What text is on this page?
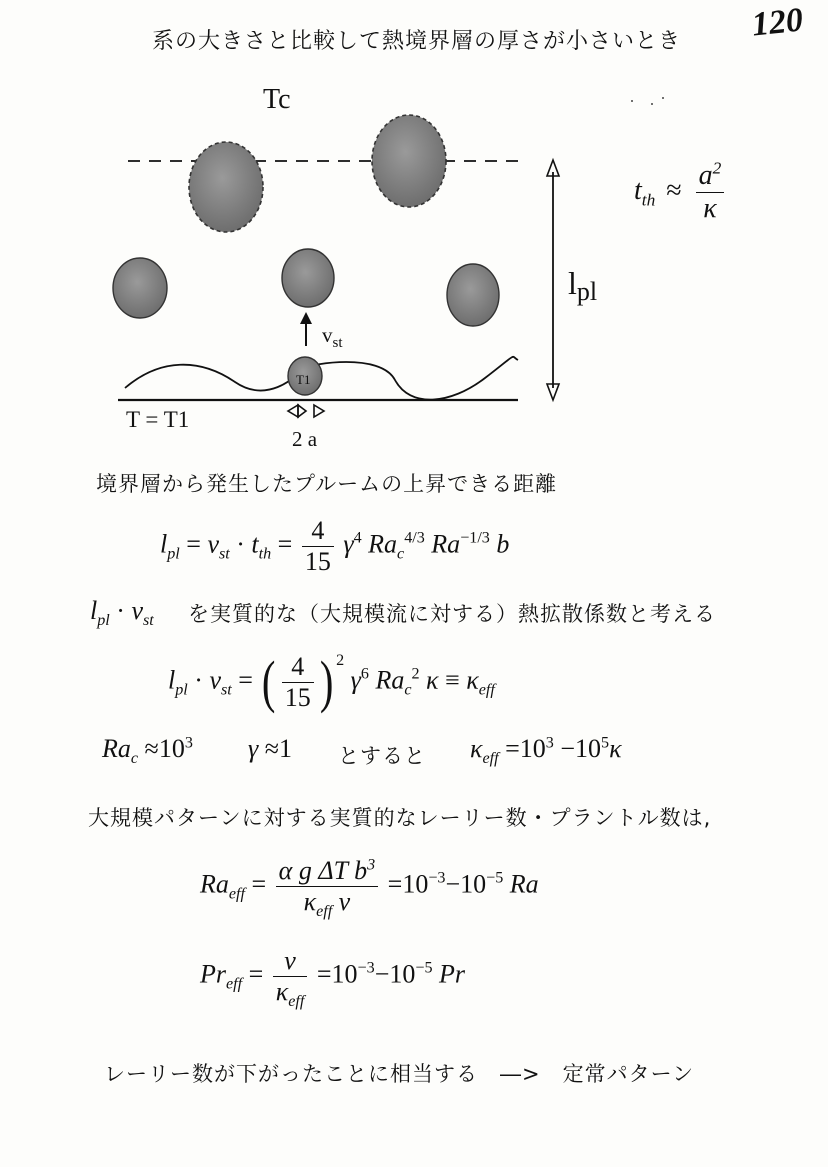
120
系の大きさと比較して熱境界層の厚さが小さいとき
Tc
$v_{st}$
T1
T = T1
2 a
lpl
$t_{th} \approx \frac{a^2}{\kappa}$
境界層から発生したプルームの上昇できる距離
$l_{pl} = v_{st} \cdot t_{th} = \frac{4}{15} \gamma^4$ $Ra_c^{4/3}$ $Ra^{-1/3}$ b
$l_{pl} \cdot v_{st}$ を実質的な（大規模流に対する）熱拡散係数と考える
$l_{pl} \cdot v_{st}$ = ( $\frac{4}{15}$ ) $^2$ $\gamma^6$ $Ra_c^2$ $\kappa \equiv \kappa_{eff}$
$Ra_c \approx 10^3$ γ ≈1 とすると $\kappa_{eff} =10^3 -10^5\kappa$
大規模パターンに対する実質的なレーリー数・プラントル数は,
$Ra_{eff} = \frac{\alpha g \Delta T b^3}{\kappa_{eff} \nu} =10^{-3}-10^{-5}$ Ra
$Pr_{eff} = \frac{\nu}{\kappa_{eff}} =10^{-3}-10^{-5}$ Pr
レーリー数が下がったことに相当する　―>　定常パターン
